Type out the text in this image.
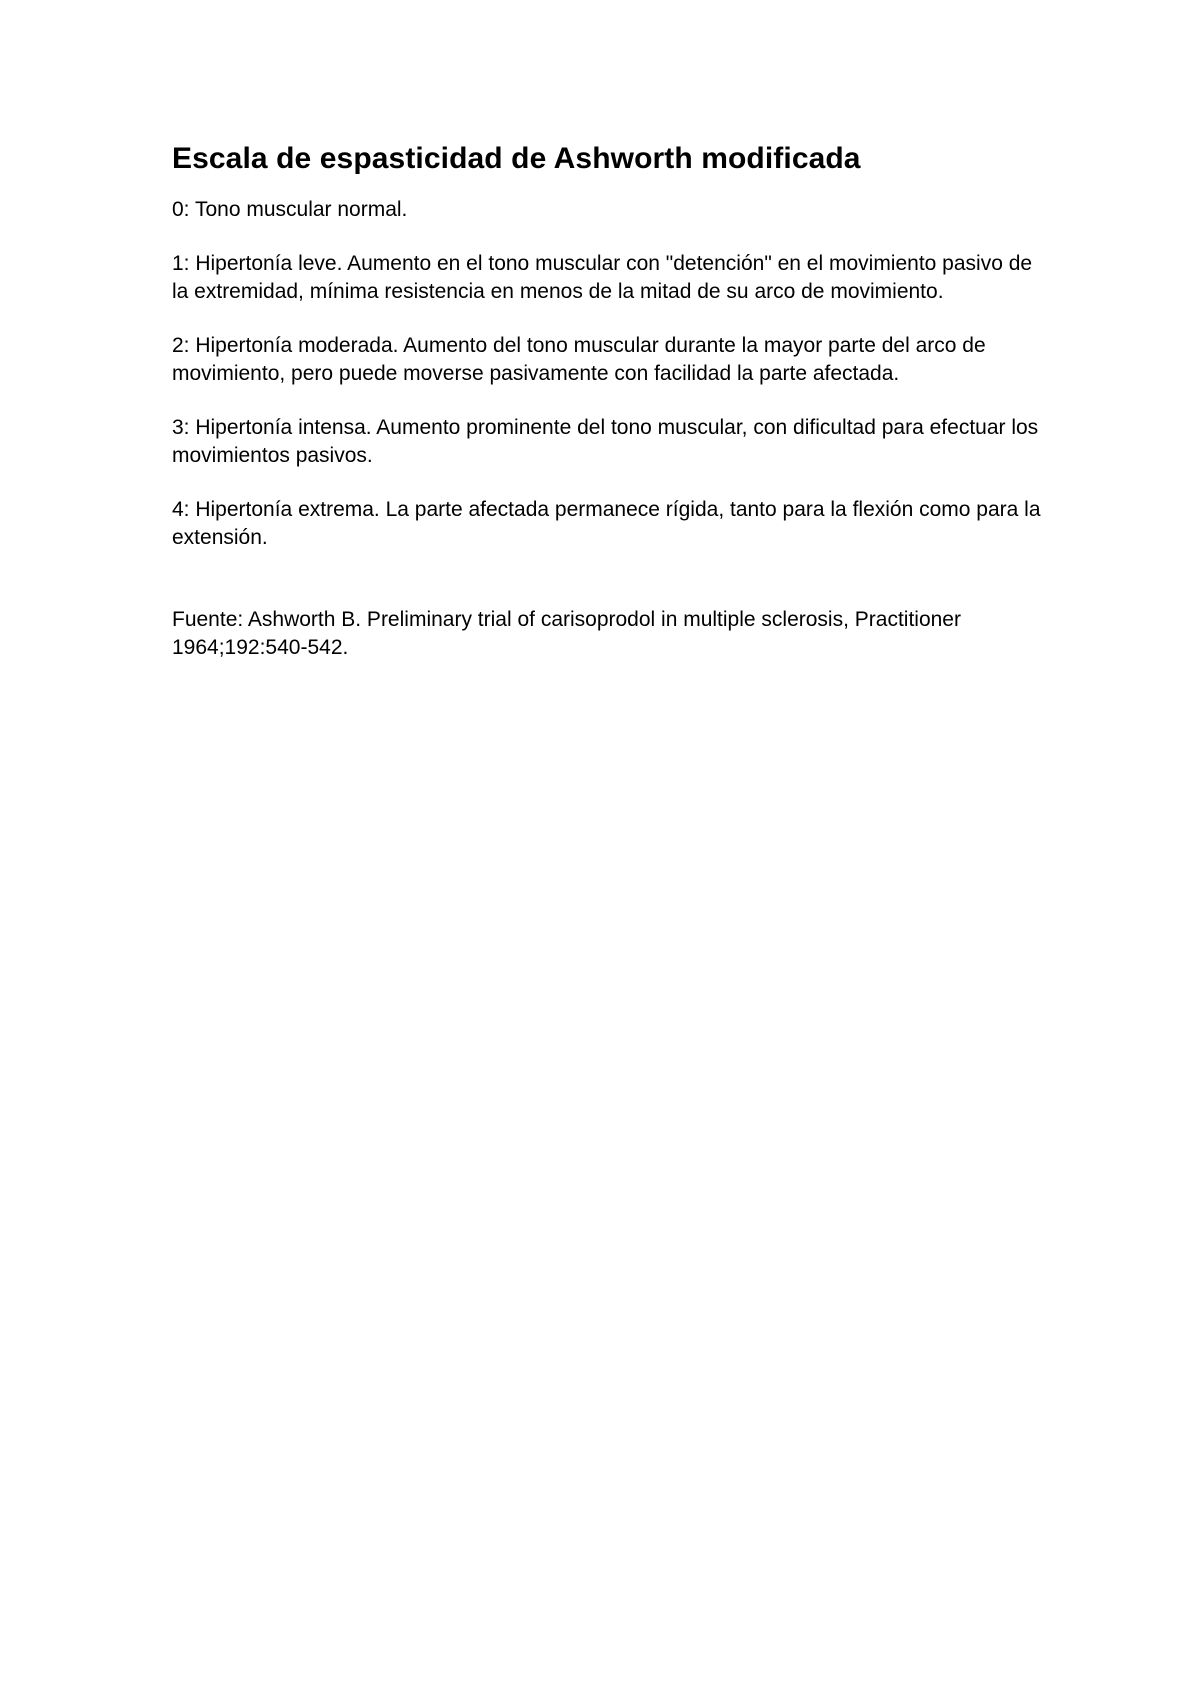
Escala de espasticidad de Ashworth modificada

0: Tono muscular normal.

1: Hipertonía leve. Aumento en el tono muscular con "detención" en el movimiento pasivo de la extremidad, mínima resistencia en menos de la mitad de su arco de movimiento.

2: Hipertonía moderada. Aumento del tono muscular durante la mayor parte del arco de movimiento, pero puede moverse pasivamente con facilidad la parte afectada.

3: Hipertonía intensa. Aumento prominente del tono muscular, con dificultad para efectuar los movimientos pasivos.

4: Hipertonía extrema. La parte afectada permanece rígida, tanto para la flexión como para la extensión.

Fuente: Ashworth B. Preliminary trial of carisoprodol in multiple sclerosis, Practitioner 1964;192:540-542.
